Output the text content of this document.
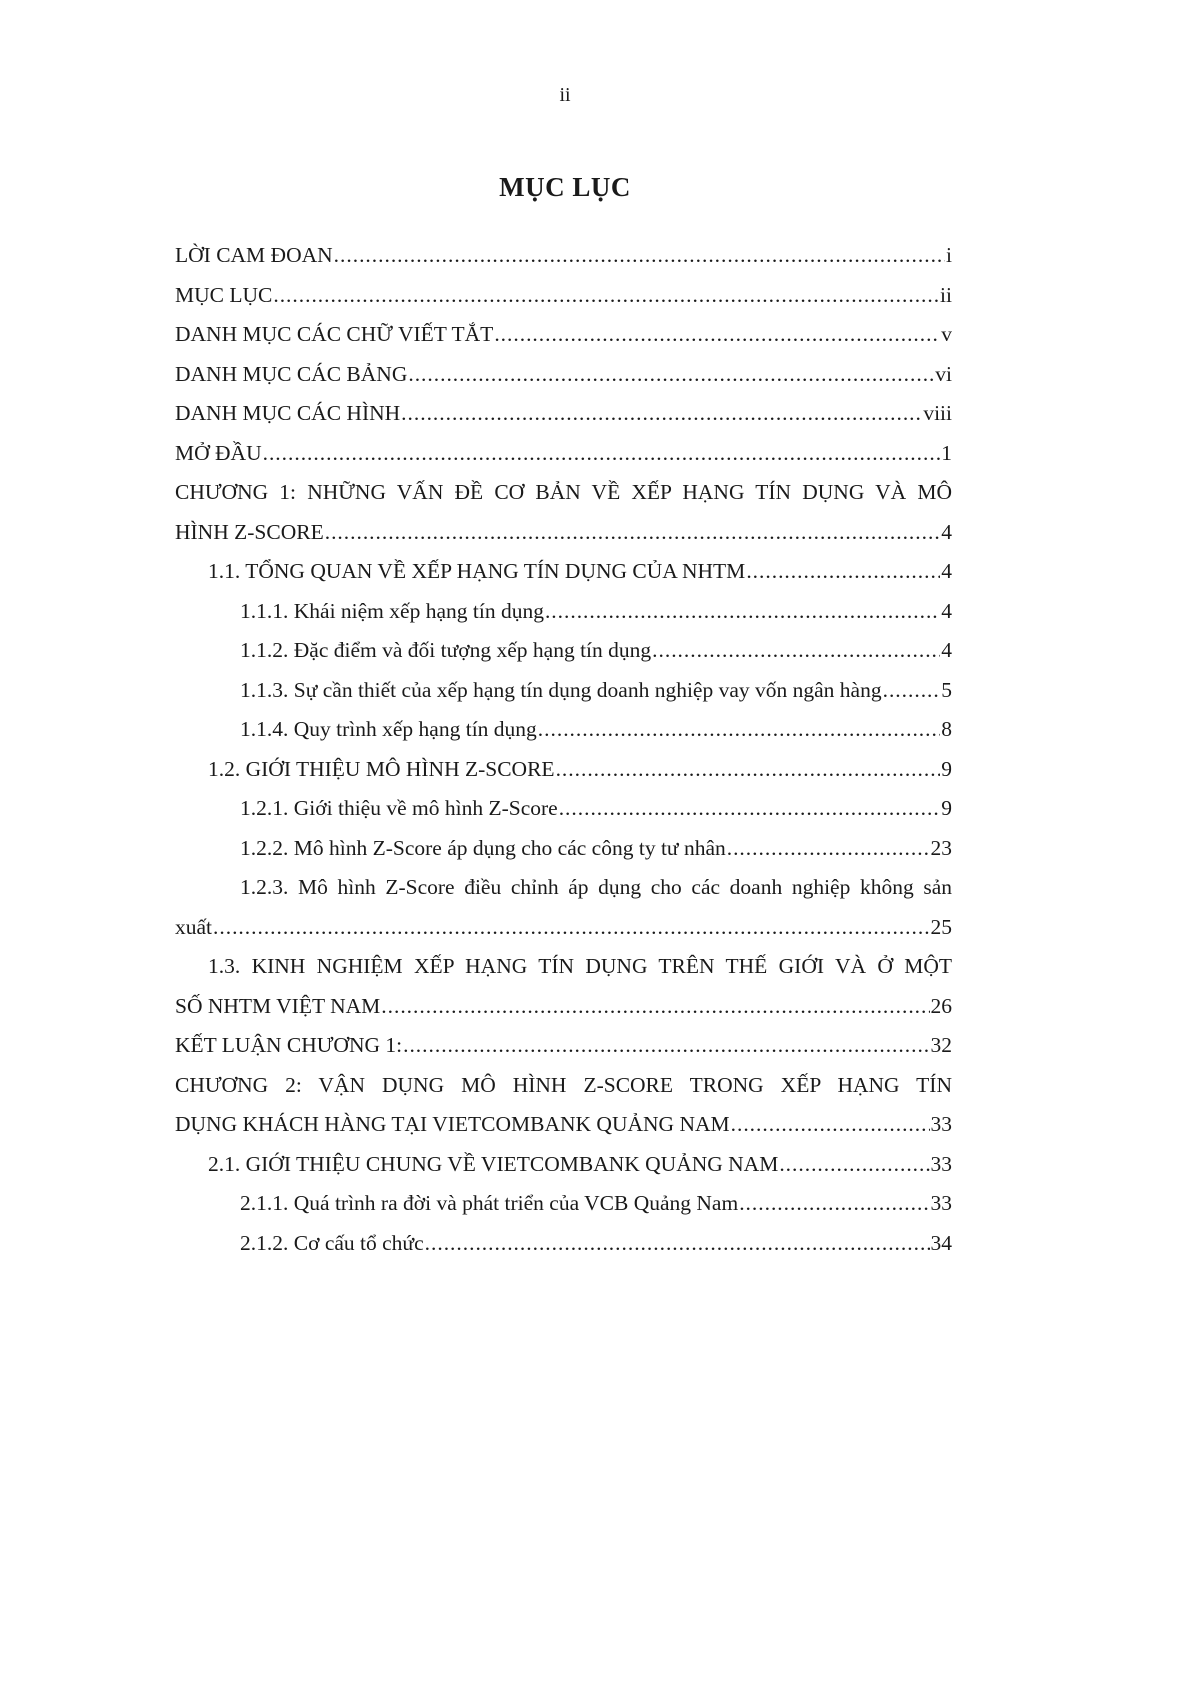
ii
MỤC LỤC
LỜI CAM ĐOAN . . .	i
MỤC LỤC . . .	ii
DANH MỤC CÁC CHỮ VIẾT TẮT . . .	v
DANH MỤC CÁC BẢNG . . .	vi
DANH MỤC CÁC HÌNH . . .	viii
MỞ ĐẦU . . .	1
CHƯƠNG 1: NHỮNG VẤN ĐỀ CƠ BẢN VỀ XẾP HẠNG TÍN DỤNG VÀ MÔ
HÌNH Z-SCORE . . .	4
1.1. TỔNG QUAN VỀ XẾP HẠNG TÍN DỤNG CỦA NHTM . . .	4
1.1.1. Khái niệm xếp hạng tín dụng . . .	4
1.1.2. Đặc điểm và đối tượng xếp hạng tín dụng . . .	4
1.1.3. Sự cần thiết của xếp hạng tín dụng doanh nghiệp vay vốn ngân hàng . . .	5
1.1.4. Quy trình xếp hạng tín dụng . . .	8
1.2. GIỚI THIỆU MÔ HÌNH Z-SCORE . . .	9
1.2.1. Giới thiệu về mô hình Z-Score . . .	9
1.2.2. Mô hình Z-Score áp dụng cho các công ty tư nhân . . .	23
1.2.3. Mô hình Z-Score điều chỉnh áp dụng cho các doanh nghiệp không sản
xuất . . .	25
1.3. KINH NGHIỆM XẾP HẠNG TÍN DỤNG TRÊN THẾ GIỚI VÀ Ở MỘT
SỐ NHTM VIỆT NAM . . .	26
KẾT LUẬN CHƯƠNG 1: . . .	32
CHƯƠNG 2: VẬN DỤNG MÔ HÌNH Z-SCORE TRONG XẾP HẠNG TÍN
DỤNG KHÁCH HÀNG TẠI VIETCOMBANK QUẢNG NAM . . .	33
2.1. GIỚI THIỆU CHUNG VỀ VIETCOMBANK QUẢNG NAM . . .	33
2.1.1. Quá trình ra đời và phát triển của VCB Quảng Nam . . .	33
2.1.2. Cơ cấu tổ chức . . .	34
